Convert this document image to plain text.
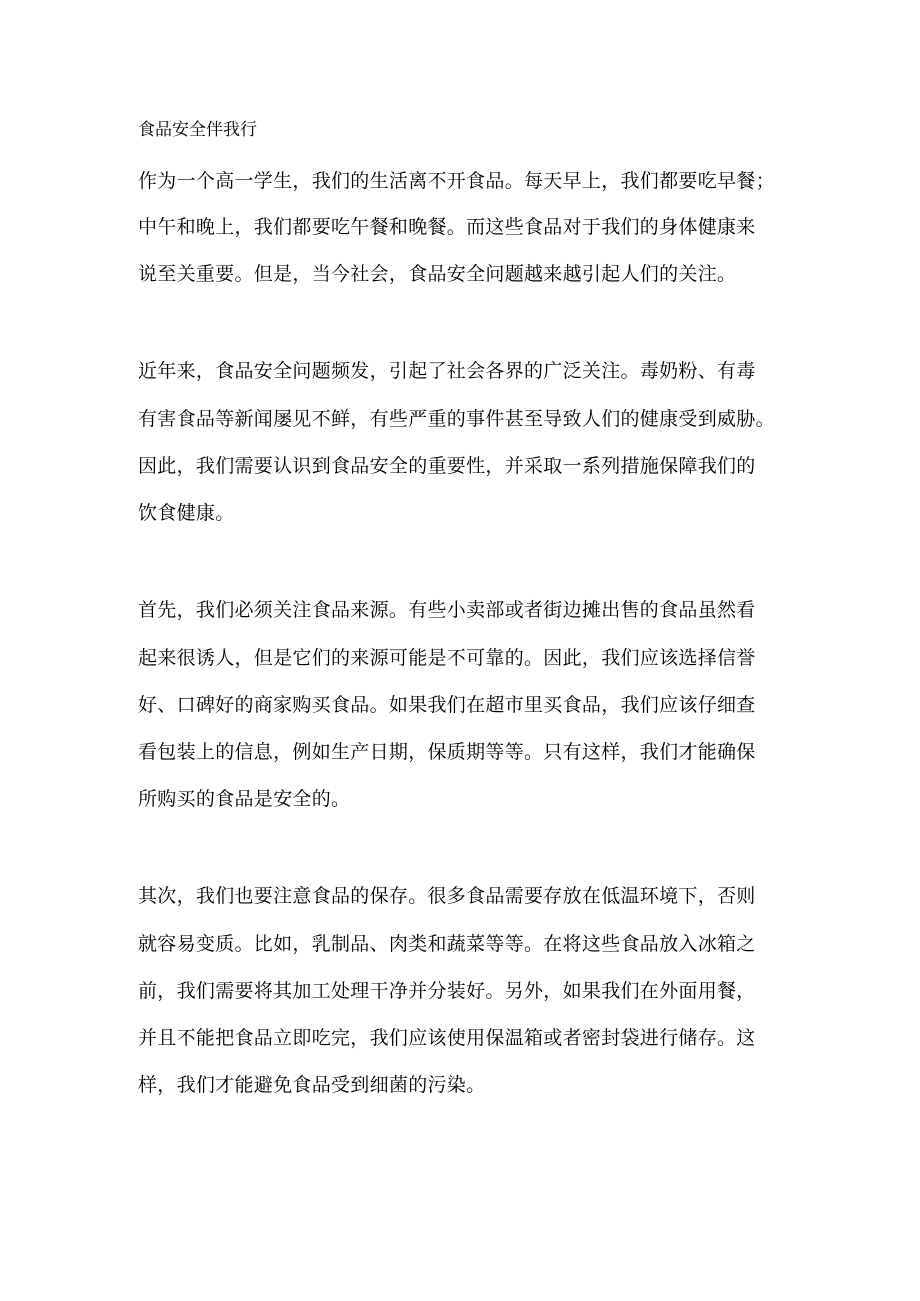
食品安全伴我行
作为一个高一学生，我们的生活离不开食品。每天早上，我们都要吃早餐；
中午和晚上，我们都要吃午餐和晚餐。而这些食品对于我们的身体健康来
说至关重要。但是，当今社会，食品安全问题越来越引起人们的关注。
近年来，食品安全问题频发，引起了社会各界的广泛关注。毒奶粉、有毒
有害食品等新闻屡见不鲜，有些严重的事件甚至导致人们的健康受到威胁。
因此，我们需要认识到食品安全的重要性，并采取一系列措施保障我们的
饮食健康。
首先，我们必须关注食品来源。有些小卖部或者街边摊出售的食品虽然看
起来很诱人，但是它们的来源可能是不可靠的。因此，我们应该选择信誉
好、口碑好的商家购买食品。如果我们在超市里买食品，我们应该仔细查
看包装上的信息，例如生产日期，保质期等等。只有这样，我们才能确保
所购买的食品是安全的。
其次，我们也要注意食品的保存。很多食品需要存放在低温环境下，否则
就容易变质。比如，乳制品、肉类和蔬菜等等。在将这些食品放入冰箱之
前，我们需要将其加工处理干净并分装好。另外，如果我们在外面用餐，
并且不能把食品立即吃完，我们应该使用保温箱或者密封袋进行储存。这
样，我们才能避免食品受到细菌的污染。
